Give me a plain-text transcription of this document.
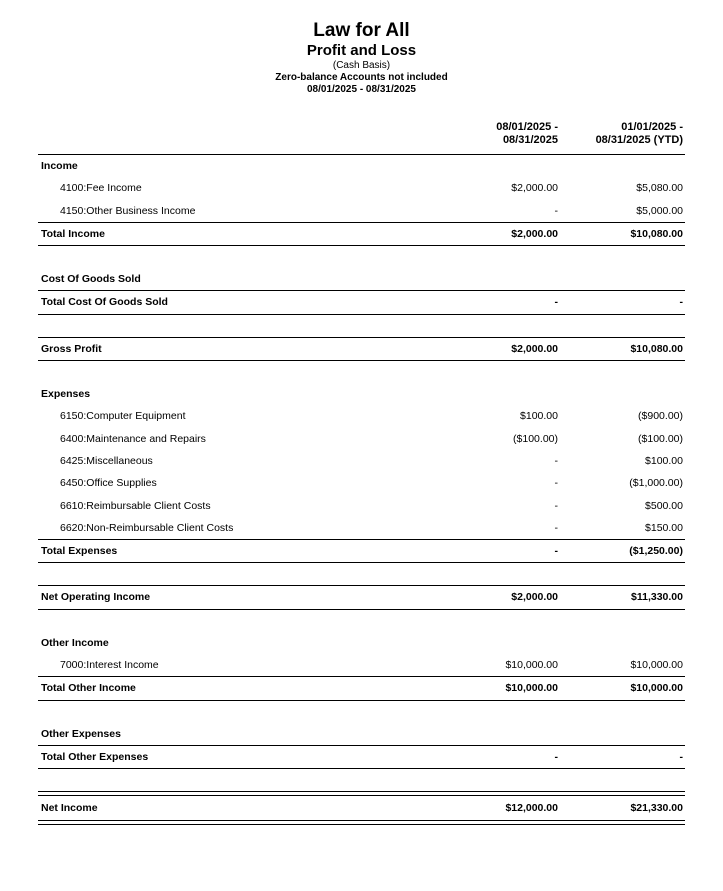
Law for All
Profit and Loss
(Cash Basis)
Zero-balance Accounts not included
08/01/2025 - 08/31/2025
08/01/2025 -
08/31/2025
01/01/2025 -
08/31/2025 (YTD)
Income
4100:Fee Income	$2,000.00	$5,080.00
4150:Other Business Income	-	$5,000.00
Total Income	$2,000.00	$10,080.00
Cost Of Goods Sold
Total Cost Of Goods Sold	-	-
Gross Profit	$2,000.00	$10,080.00
Expenses
6150:Computer Equipment	$100.00	($900.00)
6400:Maintenance and Repairs	($100.00)	($100.00)
6425:Miscellaneous	-	$100.00
6450:Office Supplies	-	($1,000.00)
6610:Reimbursable Client Costs	-	$500.00
6620:Non-Reimbursable Client Costs	-	$150.00
Total Expenses	-	($1,250.00)
Net Operating Income	$2,000.00	$11,330.00
Other Income
7000:Interest Income	$10,000.00	$10,000.00
Total Other Income	$10,000.00	$10,000.00
Other Expenses
Total Other Expenses	-	-
Net Income	$12,000.00	$21,330.00
